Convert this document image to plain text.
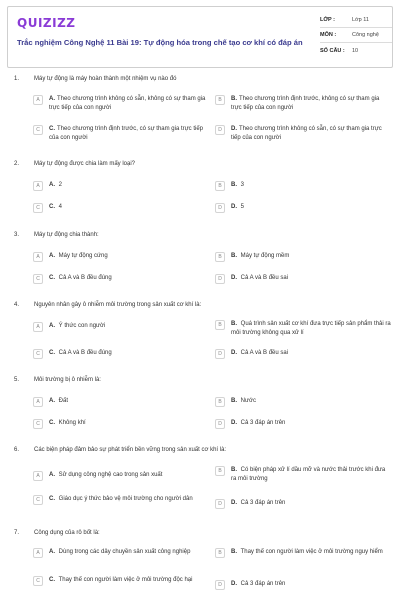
QUIZIZZ
Trắc nghiệm Công Nghệ 11 Bài 19: Tự động hóa trong chế tạo cơ khí có đáp án
LỚP :	Lớp 11
MÔN :	Công nghệ
SỐ CÂU :	10
1.	Máy tự động là máy hoàn thành một nhiệm vụ nào đó
A	A. Theo chương trình không có sẵn, không có sự tham gia trực tiếp của con người
B	B. Theo chương trình định trước, không có sự tham gia trực tiếp của con người
C	C. Theo chương trình định trước, có sự tham gia trực tiếp của con người
D	D. Theo chương trình không có sẵn, có sự tham gia trực tiếp của con người
2.	Máy tự động được chia làm mấy loại?
A	A. 2	B	B. 3
C	C. 4	D	D. 5
3.	Máy tự động chia thành:
A	A. Máy tự động cứng	B	B. Máy tự động mềm
C	C. Cả A và B đều đúng	D	D. Cả A và B đều sai
4.	Nguyên nhân gây ô nhiễm môi trường trong sản xuất cơ khí là:
A	A. Ý thức con người	B	B. Quá trình sản xuất cơ khí đưa trực tiếp sản phẩm thải ra môi trường không qua xử lí
C	C. Cả A và B đều đúng	D	D. Cả A và B đều sai
5.	Môi trường bị ô nhiễm là:
A	A. Đất	B	B. Nước
C	C. Không khí	D	D. Cả 3 đáp án trên
6.	Các biện pháp đảm bảo sự phát triển bền vững trong sản xuất cơ khí là:
A	A. Sử dụng công nghệ cao trong sản xuất
B	B. Có biện pháp xử lí dầu mỡ và nước thải trước khi đưa ra môi trường
C	C. Giáo dục ý thức bảo vệ môi trường cho người dân
D	D. Cả 3 đáp án trên
7.	Công dụng của rô bốt là:
A	A. Dùng trong các dây chuyền sản xuất công nghiệp	B	B. Thay thế con người làm việc ở môi trường nguy hiểm
C	C. Thay thế con người làm việc ở môi trường độc hại
D	D. Cả 3 đáp án trên
